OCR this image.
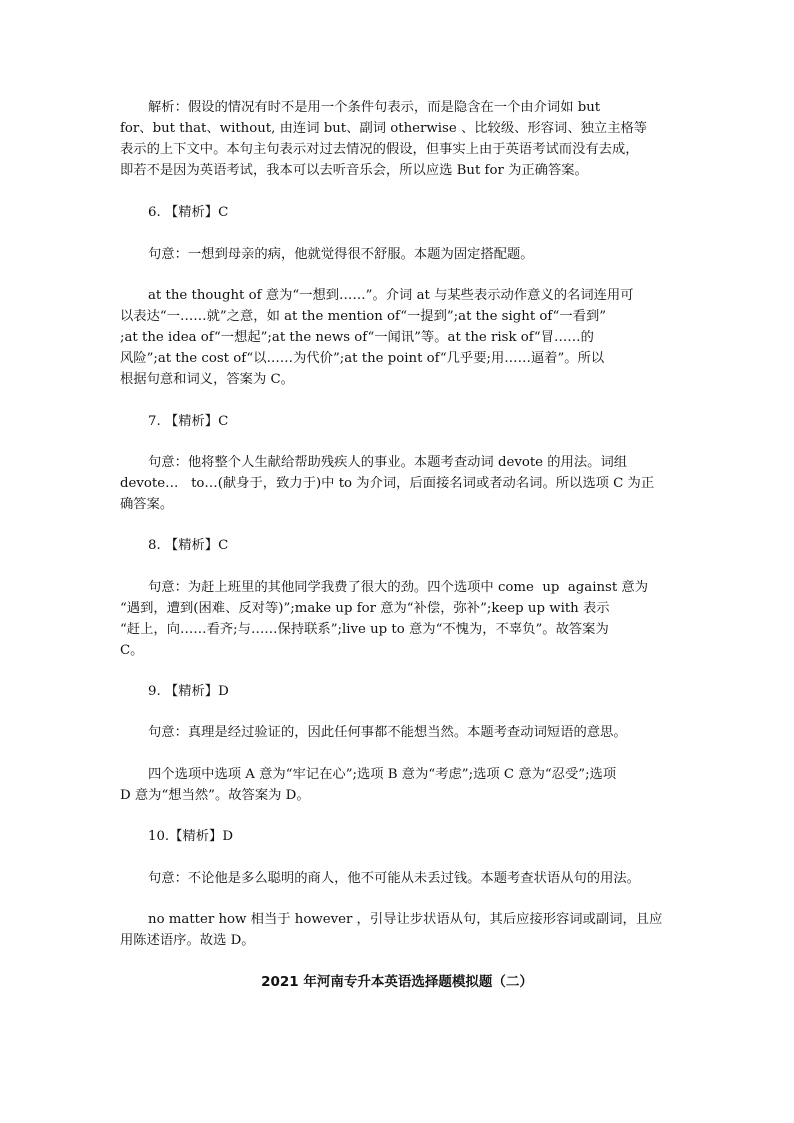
解析：假设的情况有时不是用一个条件句表示，而是隐含在一个由介词如 but
for、but that、without, 由连词 but、副词 otherwise 、比较级、形容词、独立主格等
表示的上下文中。本句主句表示对过去情况的假设，但事实上由于英语考试而没有去成，
即若不是因为英语考试，我本可以去听音乐会，所以应选 But for 为正确答案。
6. 【精析】C
句意：一想到母亲的病，他就觉得很不舒服。本题为固定搭配题。
at the thought of 意为“一想到……”。介词 at 与某些表示动作意义的名词连用可
以表达“一……就”之意，如 at the mention of“一提到”;at the sight of“一看到”
;at the idea of“一想起”;at the news of“一闻讯”等。at the risk of“冒……的
风险”;at the cost of“以……为代价”;at the point of“几乎要;用……逼着”。所以
根据句意和词义，答案为 C。
7. 【精析】C
句意：他将整个人生献给帮助残疾人的事业。本题考查动词 devote 的用法。词组
devote…   to…(献身于，致力于)中 to 为介词，后面接名词或者动名词。所以选项 C 为正
确答案。
8. 【精析】C
句意：为赶上班里的其他同学我费了很大的劲。四个选项中 come  up  against 意为
“遇到，遭到(困难、反对等)”;make up for 意为“补偿，弥补”;keep up with 表示
“赶上，向……看齐;与……保持联系”;live up to 意为“不愧为，不辜负”。故答案为
C。
9. 【精析】D
句意：真理是经过验证的，因此任何事都不能想当然。本题考查动词短语的意思。
四个选项中选项 A 意为“牢记在心”;选项 B 意为“考虑”;选项 C 意为“忍受”;选项
D 意为“想当然”。故答案为 D。
10.【精析】D
句意：不论他是多么聪明的商人，他不可能从未丢过钱。本题考查状语从句的用法。
no matter how 相当于 however ，引导让步状语从句，其后应接形容词或副词，且应
用陈述语序。故选 D。
2021 年河南专升本英语选择题模拟题（二）
